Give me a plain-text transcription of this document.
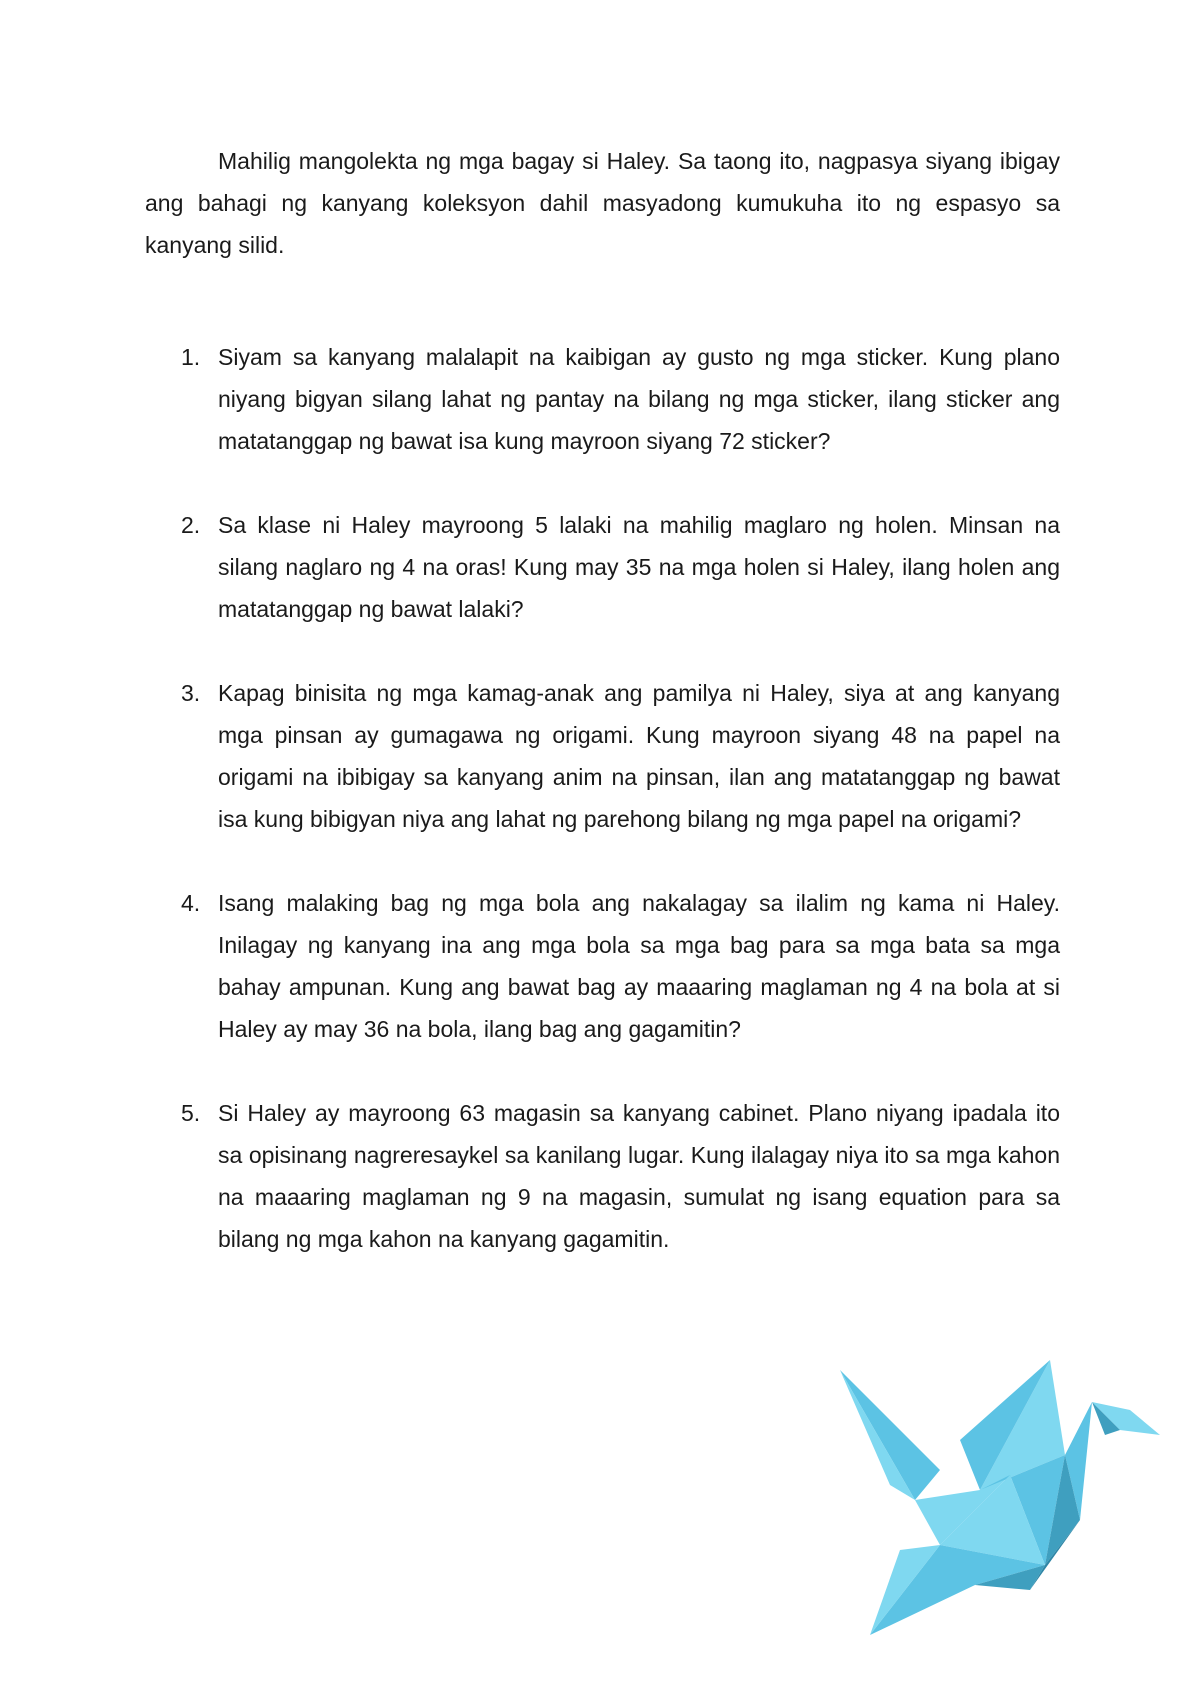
Mahilig mangolekta ng mga bagay si Haley. Sa taong ito, nagpasya siyang ibigay ang bahagi ng kanyang koleksyon dahil masyadong kumukuha ito ng espasyo sa kanyang silid.

1. Siyam sa kanyang malalapit na kaibigan ay gusto ng mga sticker. Kung plano niyang bigyan silang lahat ng pantay na bilang ng mga sticker, ilang sticker ang matatanggap ng bawat isa kung mayroon siyang 72 sticker?
2. Sa klase ni Haley mayroong 5 lalaki na mahilig maglaro ng holen. Minsan na silang naglaro ng 4 na oras! Kung may 35 na mga holen si Haley, ilang holen ang matatanggap ng bawat lalaki?
3. Kapag binisita ng mga kamag-anak ang pamilya ni Haley, siya at ang kanyang mga pinsan ay gumagawa ng origami. Kung mayroon siyang 48 na papel na origami na ibibigay sa kanyang anim na pinsan, ilan ang matatanggap ng bawat isa kung bibigyan niya ang lahat ng parehong bilang ng mga papel na origami?
4. Isang malaking bag ng mga bola ang nakalagay sa ilalim ng kama ni Haley. Inilagay ng kanyang ina ang mga bola sa mga bag para sa mga bata sa mga bahay ampunan. Kung ang bawat bag ay maaaring maglaman ng 4 na bola at si Haley ay may 36 na bola, ilang bag ang gagamitin?
5. Si Haley ay mayroong 63 magasin sa kanyang cabinet. Plano niyang ipadala ito sa opisinang nagreresaykel sa kanilang lugar. Kung ilalagay niya ito sa mga kahon na maaaring maglaman ng 9 na magasin, sumulat ng isang equation para sa bilang ng mga kahon na kanyang gagamitin.
